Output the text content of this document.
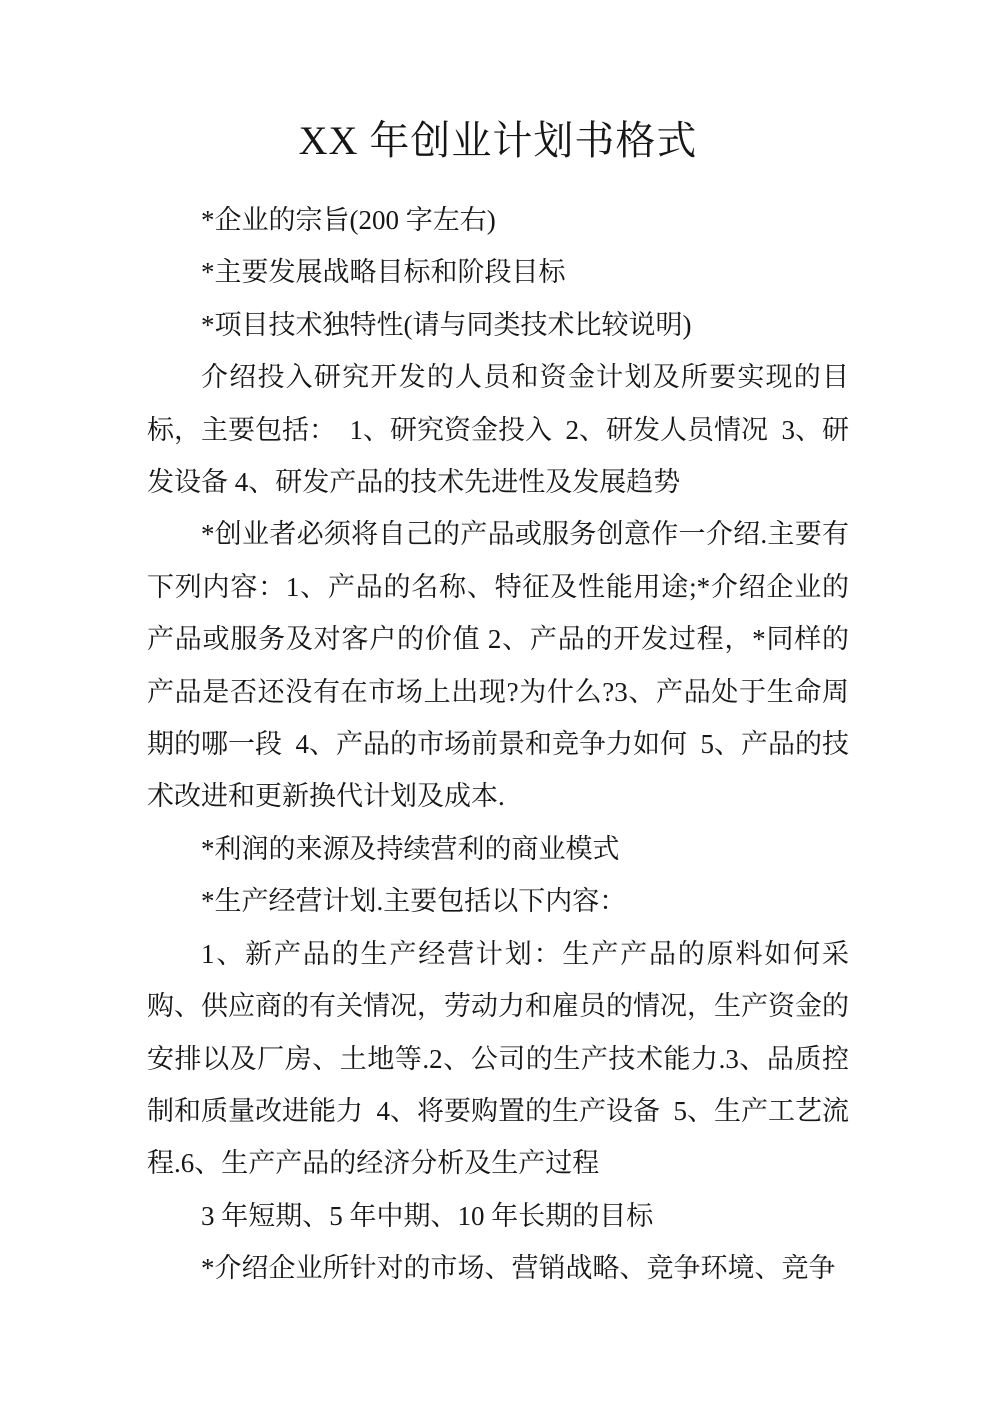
XX 年创业计划书格式

*企业的宗旨(200 字左右)

*主要发展战略目标和阶段目标

*项目技术独特性(请与同类技术比较说明)

介绍投入研究开发的人员和资金计划及所要实现的目标，主要包括：  1、研究资金投入  2、研发人员情况  3、研发设备 4、研发产品的技术先进性及发展趋势

*创业者必须将自己的产品或服务创意作一介绍.主要有下列内容：1、产品的名称、特征及性能用途;*介绍企业的产品或服务及对客户的价值 2、产品的开发过程，*同样的产品是否还没有在市场上出现?为什么?3、产品处于生命周期的哪一段  4、产品的市场前景和竞争力如何  5、产品的技术改进和更新换代计划及成本.

*利润的来源及持续营利的商业模式

*生产经营计划.主要包括以下内容：

1、新产品的生产经营计划：生产产品的原料如何采购、供应商的有关情况，劳动力和雇员的情况，生产资金的安排以及厂房、土地等.2、公司的生产技术能力.3、品质控制和质量改进能力  4、将要购置的生产设备  5、生产工艺流程.6、生产产品的经济分析及生产过程

3 年短期、5 年中期、10 年长期的目标

*介绍企业所针对的市场、营销战略、竞争环境、竞争
